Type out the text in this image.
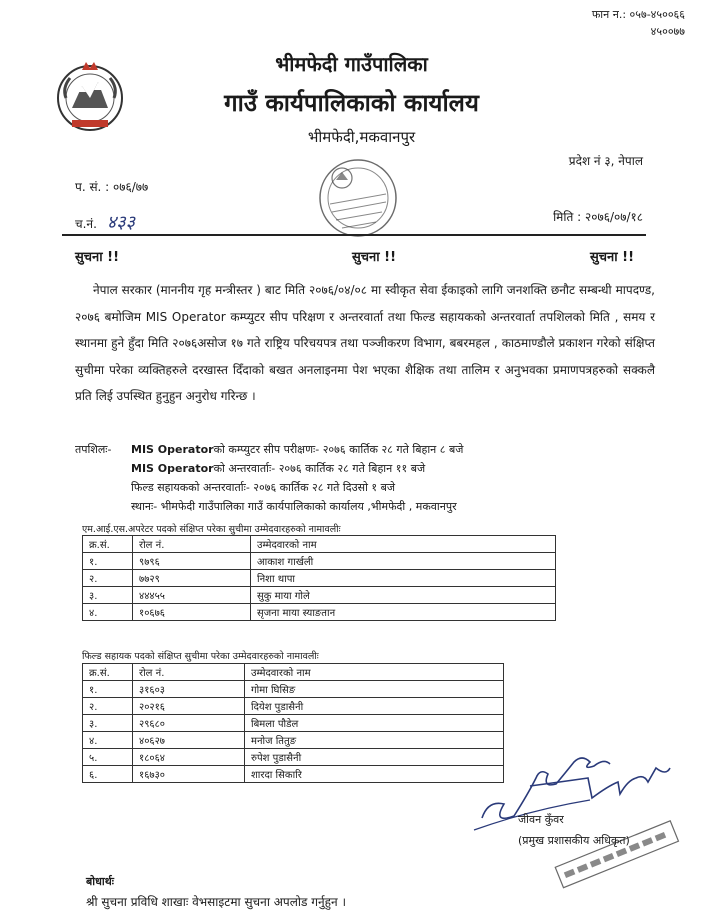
फान न.: ०५७-४५००६६
४५००७७
भीमफेदी गाउँपालिका
गाउँ कार्यपालिकाको कार्यालय
भीमफेदी,मकवानपुर
प्रदेश नं ३, नेपाल
प. सं. : ०७६/७७
च.नं. ४३३	मिति : २०७६/०७/१८
सुचना !!	सुचना !!	सुचना !!
नेपाल सरकार (माननीय गृह मन्त्रीस्तर ) बाट मिति २०७६/०४/०८ मा स्वीकृत सेवा ईकाइको लागि जनशक्ति छनौट सम्बन्धी मापदण्ड, २०७६ बमोजिम MIS Operator कम्प्युटर सीप परिक्षण र अन्तरवार्ता तथा फिल्ड सहायकको अन्तरवार्ता तपशिलको मिति , समय र स्थानमा हुने हुँदा मिति २०७६असोज १७ गते राष्ट्रिय परिचयपत्र तथा पञ्जीकरण विभाग, बबरमहल , काठमाण्डौले प्रकाशन गरेको संक्षिप्त सुचीमा परेका व्यक्तिहरुले दरखास्त दिँदाको बखत अनलाइनमा पेश भएका शैक्षिक तथा तालिम र अनुभवका प्रमाणपत्रहरुको सक्कलै प्रति लिई उपस्थित हुनुहुन अनुरोध गरिन्छ ।
तपशिलः-	MIS Operatorको कम्प्युटर सीप परीक्षणः- २०७६ कार्तिक २८ गते बिहान ८ बजे
MIS Operatorको अन्तरवार्ताः- २०७६ कार्तिक २८ गते बिहान ११ बजे
फिल्ड सहायकको अन्तरवार्ताः- २०७६ कार्तिक २८ गते दिउसो १ बजे
स्थानः- भीमफेदी गाउँपालिका गाउँ कार्यपालिकाको कार्यालय ,भीमफेदी , मकवानपुर
एम.आई.एस.अपरेटर पदको संक्षिप्त परेका सुचीमा उम्मेदवारहरुको नामावलीः
क्र.सं.	रोल नं.	उम्मेदवारको नाम
१.	९७९६	आकाश गार्खली
२.	७७२९	निशा थापा
३.	४४४५५	सुकु माया गोले
४.	१०६७६	सृजना माया स्याङतान
फिल्ड सहायक पदको संक्षिप्त सुचीमा परेका उम्मेदवारहरुको नामावलीः
क्र.सं.	रोल नं.	उम्मेदवारको नाम
१.	३१६०३	गोमा घिसिङ
२.	२०२१६	दियेश पुडासैनी
३.	२९६८०	बिमला पौडेल
४.	४०६२७	मनोज तितुङ
५.	१८०६४	रुपेश पुडासैनी
६.	१६७३०	शारदा सिकारि
जीवन कुँवर
(प्रमुख प्रशासकीय अधिकृत)
बोधार्थः
श्री सुचना प्रविधि शाखाः वेभसाइटमा सुचना अपलोड गर्नुहुन ।
